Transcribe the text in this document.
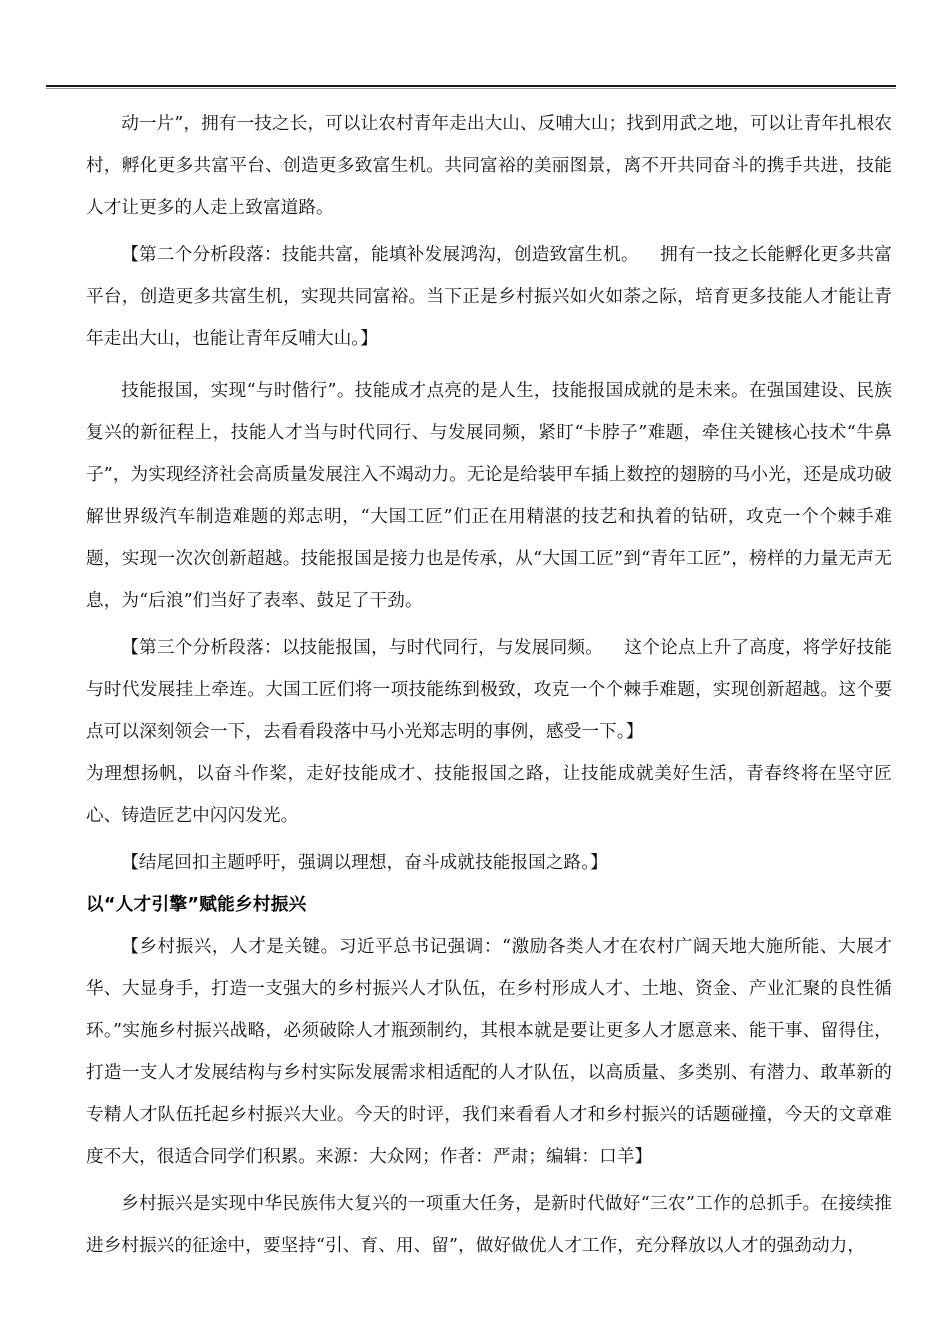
动一片”，拥有一技之长，可以让农村青年走出大山、反哺大山；找到用武之地，可以让青年扎根农村，孵化更多共富平台、创造更多致富生机。共同富裕的美丽图景，离不开共同奋斗的携手共进，技能人才让更多的人走上致富道路。

【第二个分析段落：技能共富，能填补发展鸿沟，创造致富生机。 拥有一技之长能孵化更多共富平台，创造更多共富生机，实现共同富裕。当下正是乡村振兴如火如荼之际，培育更多技能人才能让青年走出大山，也能让青年反哺大山。】

技能报国，实现“与时偕行”。技能成才点亮的是人生，技能报国成就的是未来。在强国建设、民族复兴的新征程上，技能人才当与时代同行、与发展同频，紧盯“卡脖子”难题，牵住关键核心技术“牛鼻子”，为实现经济社会高质量发展注入不竭动力。无论是给装甲车插上数控的翅膀的马小光，还是成功破解世界级汽车制造难题的郑志明，“大国工匠”们正在用精湛的技艺和执着的钻研，攻克一个个棘手难题，实现一次次创新超越。技能报国是接力也是传承，从“大国工匠”到“青年工匠”，榜样的力量无声无息，为“后浪”们当好了表率、鼓足了干劲。

【第三个分析段落：以技能报国，与时代同行，与发展同频。 这个论点上升了高度，将学好技能与时代发展挂上牵连。大国工匠们将一项技能练到极致，攻克一个个棘手难题，实现创新超越。这个要点可以深刻领会一下，去看看段落中马小光郑志明的事例，感受一下。】

为理想扬帆，以奋斗作桨，走好技能成才、技能报国之路，让技能成就美好生活，青春终将在坚守匠心、铸造匠艺中闪闪发光。

【结尾回扣主题呼吁，强调以理想，奋斗成就技能报国之路。】

以“人才引擎”赋能乡村振兴

【乡村振兴，人才是关键。习近平总书记强调：“激励各类人才在农村广阔天地大施所能、大展才华、大显身手，打造一支强大的乡村振兴人才队伍，在乡村形成人才、土地、资金、产业汇聚的良性循环。”实施乡村振兴战略，必须破除人才瓶颈制约，其根本就是要让更多人才愿意来、能干事、留得住，打造一支人才发展结构与乡村实际发展需求相适配的人才队伍，以高质量、多类别、有潜力、敢革新的专精人才队伍托起乡村振兴大业。今天的时评，我们来看看人才和乡村振兴的话题碰撞，今天的文章难度不大，很适合同学们积累。来源：大众网；作者：严肃；编辑：口羊】

乡村振兴是实现中华民族伟大复兴的一项重大任务，是新时代做好“三农”工作的总抓手。在接续推进乡村振兴的征途中，要坚持“引、育、用、留”，做好做优人才工作，充分释放以人才的强劲动力，
